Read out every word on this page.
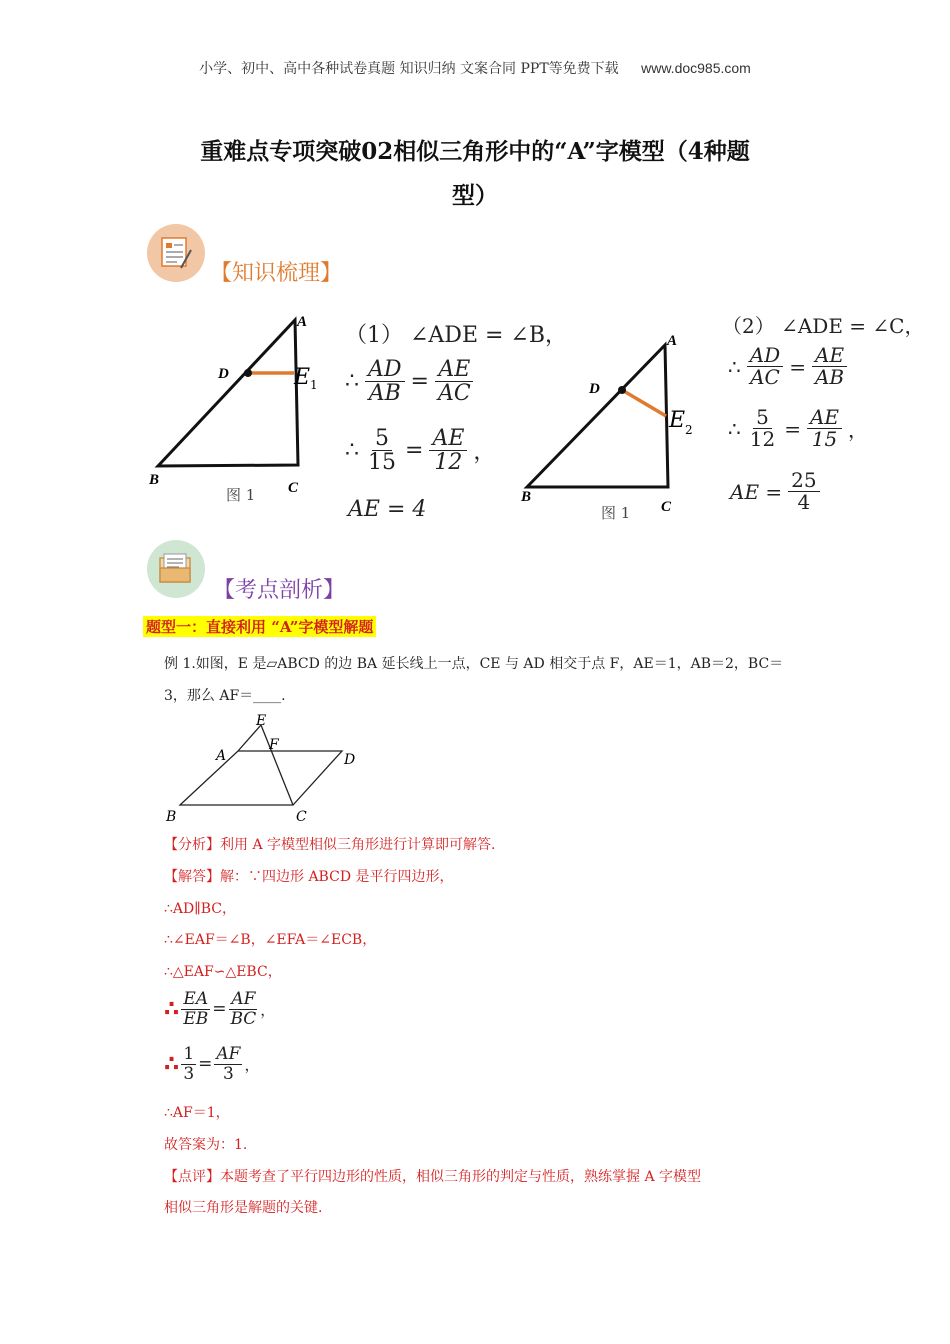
小学、初中、高中各种试卷真题 知识归纳 文案合同 PPT等免费下载 www.doc985.com
重难点专项突破02相似三角形中的“A”字模型（4种题
型）
【知识梳理】
A
D	E 1
B	C
图 1
（1） ∠ADE = ∠B，
∴ $\frac{AD}{AB} = \frac{AE}{AC}$
∴ $\frac{5}{15} = \frac{AE}{12}$ ，
AE = 4
A
D
E 2
B
C
图 1
（2） ∠ADE = ∠C，
∴ $\frac{AD}{AC} = \frac{AE}{AB}$
∴ $\frac{5}{12} = \frac{AE}{15}$ ，
AE = $\frac{25}{4}$
【考点剖析】
题型一：直接利用 “A”字模型解题
例 1.如图，E 是▱ABCD 的边 BA 延长线上一点，CE 与 AD 相交于点 F，AE＝1，AB＝2，BC＝
3，那么 AF＝____.
E
F
A	D
B	C
【分析】利用 A 字模型相似三角形进行计算即可解答.
【解答】解：∵四边形 ABCD 是平行四边形，
∴AD∥BC，
∴∠EAF＝∠B，∠EFA＝∠ECB，
∴△EAF∽△EBC，
∴ $\frac{EA}{EB} = \frac{AF}{BC}$ ，
∴ $\frac{1}{3} = \frac{AF}{3}$ ，
∴AF＝1，
故答案为：1.
【点评】本题考查了平行四边形的性质，相似三角形的判定与性质，熟练掌握 A 字模型
相似三角形是解题的关键.
